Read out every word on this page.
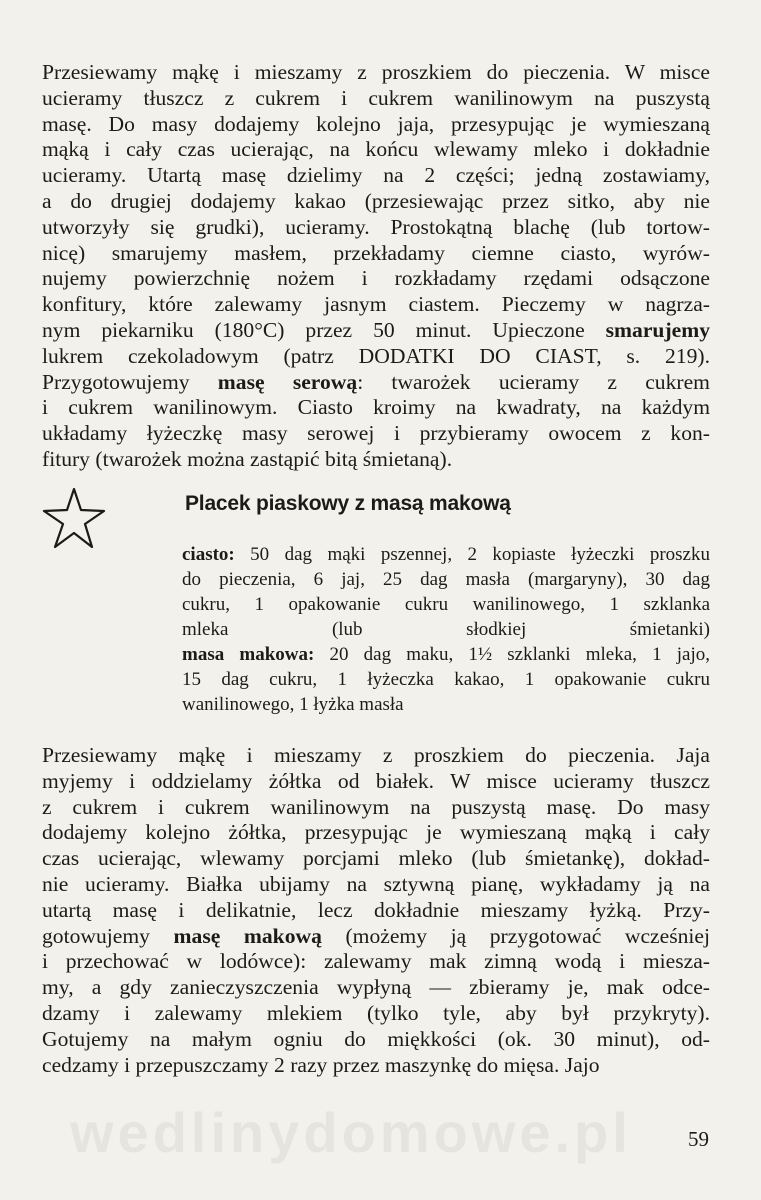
Przesiewamy mąkę i mieszamy z proszkiem do pieczenia. W misce
ucieramy tłuszcz z cukrem i cukrem wanilinowym na puszystą
masę. Do masy dodajemy kolejno jaja, przesypując je wymieszaną
mąką i cały czas ucierając, na końcu wlewamy mleko i dokładnie
ucieramy. Utartą masę dzielimy na 2 części; jedną zostawiamy,
a do drugiej dodajemy kakao (przesiewając przez sitko, aby nie
utworzyły się grudki), ucieramy. Prostokątną blachę (lub tortow-
nicę) smarujemy masłem, przekładamy ciemne ciasto, wyrów-
nujemy powierzchnię nożem i rozkładamy rzędami odsączone
konfitury, które zalewamy jasnym ciastem. Pieczemy w nagrza-
nym piekarniku (180°C) przez 50 minut. Upieczone smarujemy
lukrem czekoladowym (patrz DODATKI DO CIAST, s. 219).
Przygotowujemy masę serową: twarożek ucieramy z cukrem
i cukrem wanilinowym. Ciasto kroimy na kwadraty, na każdym
układamy łyżeczkę masy serowej i przybieramy owocem z kon-
fitury (twarożek można zastąpić bitą śmietaną).
Placek piaskowy z masą makową
ciasto: 50 dag mąki pszennej, 2 kopiaste łyżeczki proszku
do pieczenia, 6 jaj, 25 dag masła (margaryny), 30 dag
cukru, 1 opakowanie cukru wanilinowego, 1 szklanka
mleka (lub słodkiej śmietanki)
masa makowa: 20 dag maku, 1½ szklanki mleka, 1 jajo,
15 dag cukru, 1 łyżeczka kakao, 1 opakowanie cukru
wanilinowego, 1 łyżka masła
Przesiewamy mąkę i mieszamy z proszkiem do pieczenia. Jaja
myjemy i oddzielamy żółtka od białek. W misce ucieramy tłuszcz
z cukrem i cukrem wanilinowym na puszystą masę. Do masy
dodajemy kolejno żółtka, przesypując je wymieszaną mąką i cały
czas ucierając, wlewamy porcjami mleko (lub śmietankę), dokład-
nie ucieramy. Białka ubijamy na sztywną pianę, wykładamy ją na
utartą masę i delikatnie, lecz dokładnie mieszamy łyżką. Przy-
gotowujemy masę makową (możemy ją przygotować wcześniej
i przechować w lodówce): zalewamy mak zimną wodą i miesza-
my, a gdy zanieczyszczenia wypłyną — zbieramy je, mak odce-
dzamy i zalewamy mlekiem (tylko tyle, aby był przykryty).
Gotujemy na małym ogniu do miękkości (ok. 30 minut), od-
cedzamy i przepuszczamy 2 razy przez maszynkę do mięsa. Jajo
wedlinydomowe.pl	59
